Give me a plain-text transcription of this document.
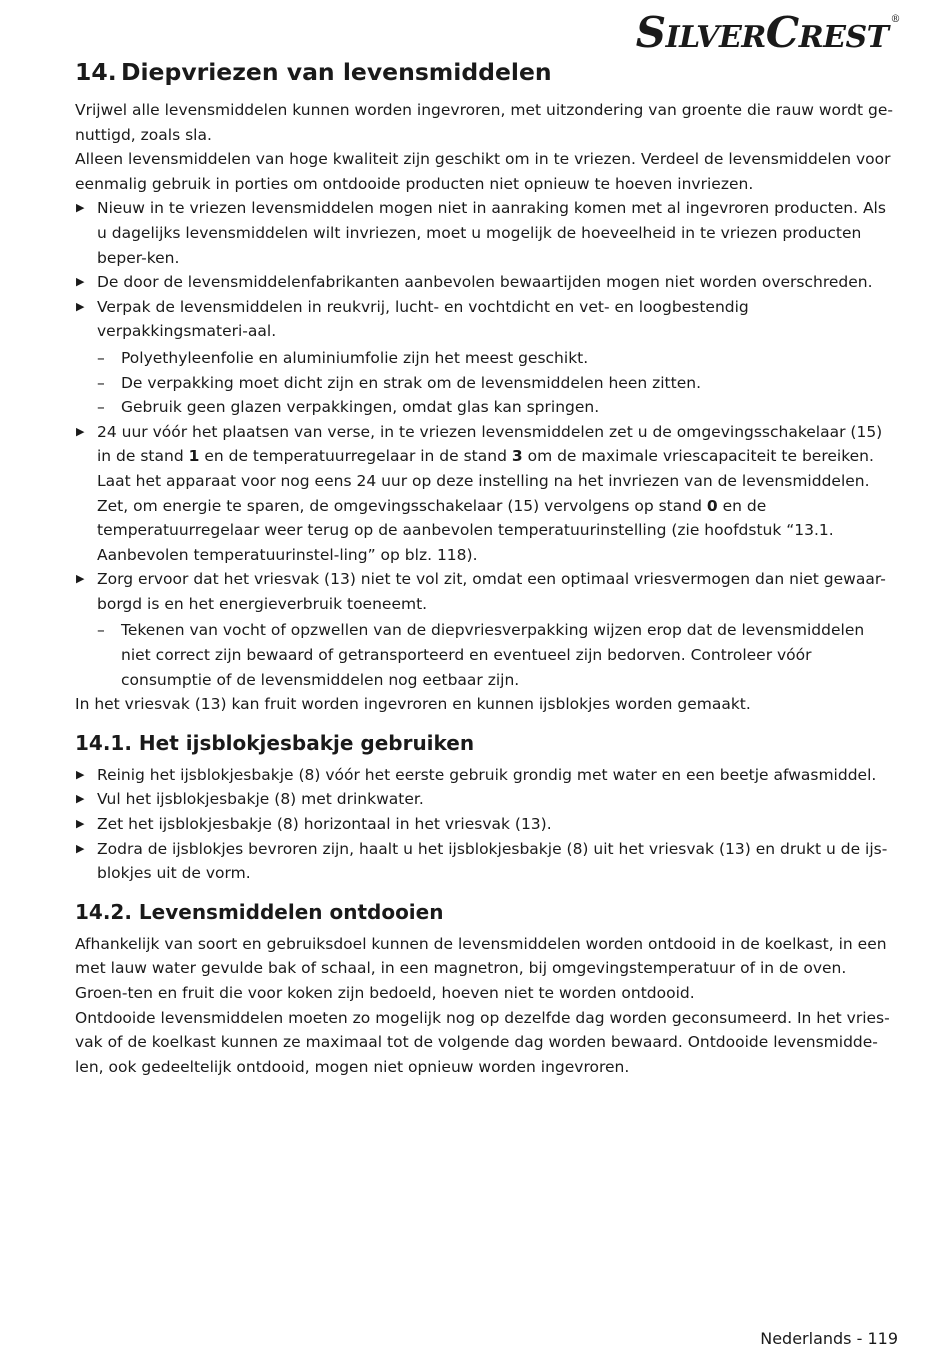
SILVERCREST®
14. Diepvriezen van levensmiddelen

Vrijwel alle levensmiddelen kunnen worden ingevroren, met uitzondering van groente die rauw wordt ge-nuttigd, zoals sla.

Alleen levensmiddelen van hoge kwaliteit zijn geschikt om in te vriezen. Verdeel de levensmiddelen voor eenmalig gebruik in porties om ontdooide producten niet opnieuw te hoeven invriezen.

▶ Nieuw in te vriezen levensmiddelen mogen niet in aanraking komen met al ingevroren producten. Als u dagelijks levensmiddelen wilt invriezen, moet u mogelijk de hoeveelheid in te vriezen producten beper-ken.
▶ De door de levensmiddelenfabrikanten aanbevolen bewaartijden mogen niet worden overschreden.
▶ Verpak de levensmiddelen in reukvrij, lucht- en vochtdicht en vet- en loogbestendig verpakkingsmateri-aal.
– Polyethyleenfolie en aluminiumfolie zijn het meest geschikt.
– De verpakking moet dicht zijn en strak om de levensmiddelen heen zitten.
– Gebruik geen glazen verpakkingen, omdat glas kan springen.
▶ 24 uur vóór het plaatsen van verse, in te vriezen levensmiddelen zet u de omgevingsschakelaar (15) in de stand 1 en de temperatuurregelaar in de stand 3 om de maximale vriescapaciteit te bereiken. Laat het apparaat voor nog eens 24 uur op deze instelling na het invriezen van de levensmiddelen. Zet, om energie te sparen, de omgevingsschakelaar (15) vervolgens op stand 0 en de temperatuurregelaar weer terug op de aanbevolen temperatuurinstelling (zie hoofdstuk “13.1. Aanbevolen temperatuurinstel-ling” op blz. 118).
▶ Zorg ervoor dat het vriesvak (13) niet te vol zit, omdat een optimaal vriesvermogen dan niet gewaar-borgd is en het energieverbruik toeneemt.
– Tekenen van vocht of opzwellen van de diepvriesverpakking wijzen erop dat de levensmiddelen niet correct zijn bewaard of getransporteerd en eventueel zijn bedorven. Controleer vóór consumptie of de levensmiddelen nog eetbaar zijn.

In het vriesvak (13) kan fruit worden ingevroren en kunnen ijsblokjes worden gemaakt.

14.1. Het ijsblokjesbakje gebruiken
▶ Reinig het ijsblokjesbakje (8) vóór het eerste gebruik grondig met water en een beetje afwasmiddel.
▶ Vul het ijsblokjesbakje (8) met drinkwater.
▶ Zet het ijsblokjesbakje (8) horizontaal in het vriesvak (13).
▶ Zodra de ijsblokjes bevroren zijn, haalt u het ijsblokjesbakje (8) uit het vriesvak (13) en drukt u de ijs-blokjes uit de vorm.
14.2. Levensmiddelen ontdooien

Afhankelijk van soort en gebruiksdoel kunnen de levensmiddelen worden ontdooid in de koelkast, in een met lauw water gevulde bak of schaal, in een magnetron, bij omgevingstemperatuur of in de oven. Groen-ten en fruit die voor koken zijn bedoeld, hoeven niet te worden ontdooid.

Ontdooide levensmiddelen moeten zo mogelijk nog op dezelfde dag worden geconsumeerd. In het vries-vak of de koelkast kunnen ze maximaal tot de volgende dag worden bewaard. Ontdooide levensmidde-len, ook gedeeltelijk ontdooid, mogen niet opnieuw worden ingevroren.

Nederlands - 119
